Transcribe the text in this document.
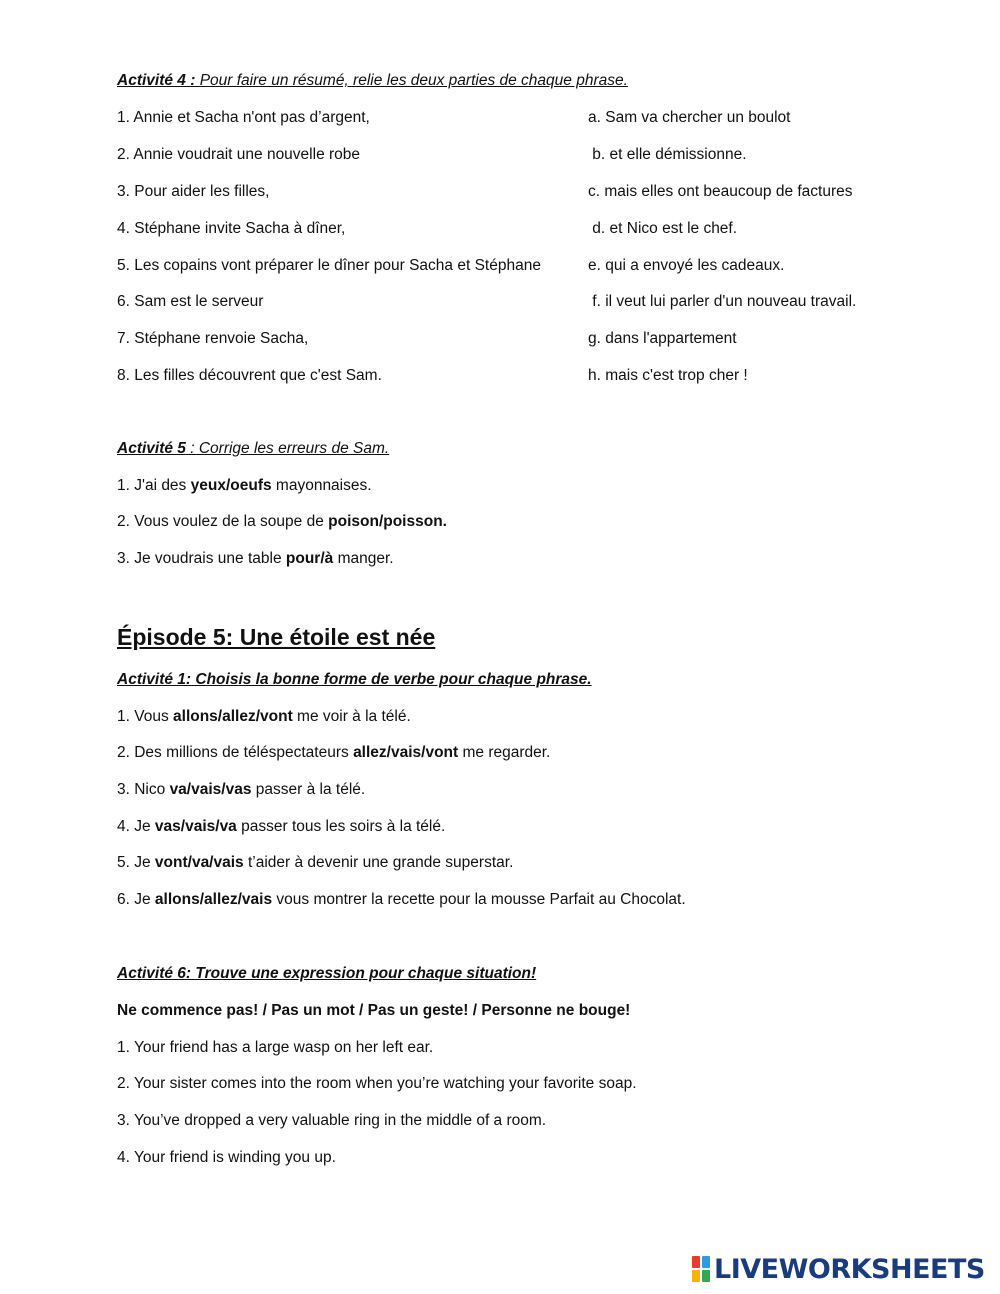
Activité 4 : Pour faire un résumé, relie les deux parties de chaque phrase.
1. Annie et Sacha n'ont pas d’argent,
2. Annie voudrait une nouvelle robe
3. Pour aider les filles,
4. Stéphane invite Sacha à dîner,
5. Les copains vont préparer le dîner pour Sacha et Stéphane
6. Sam est le serveur
7. Stéphane renvoie Sacha,
8. Les filles découvrent que c'est Sam.
a. Sam va chercher un boulot
b. et elle démissionne.
c. mais elles ont beaucoup de factures
d. et Nico est le chef.
e. qui a envoyé les cadeaux.
f. il veut lui parler d'un nouveau travail.
g. dans l'appartement
h. mais c'est trop cher !
Activité 5 : Corrige les erreurs de Sam.
1. J'ai des yeux/oeufs mayonnaises.
2. Vous voulez de la soupe de poison/poisson.
3. Je voudrais une table pour/à manger.
Épisode 5: Une étoile est née
Activité 1: Choisis la bonne forme de verbe pour chaque phrase.
1. Vous allons/allez/vont me voir à la télé.
2. Des millions de téléspectateurs allez/vais/vont me regarder.
3. Nico va/vais/vas passer à la télé.
4. Je vas/vais/va passer tous les soirs à la télé.
5. Je vont/va/vais t’aider à devenir une grande superstar.
6. Je allons/allez/vais vous montrer la recette pour la mousse Parfait au Chocolat.
Activité 6: Trouve une expression pour chaque situation!
Ne commence pas! / Pas un mot / Pas un geste! / Personne ne bouge!
1. Your friend has a large wasp on her left ear.
2. Your sister comes into the room when you’re watching your favorite soap.
3. You’ve dropped a very valuable ring in the middle of a room.
4. Your friend is winding you up.
LIVEWORKSHEETS
